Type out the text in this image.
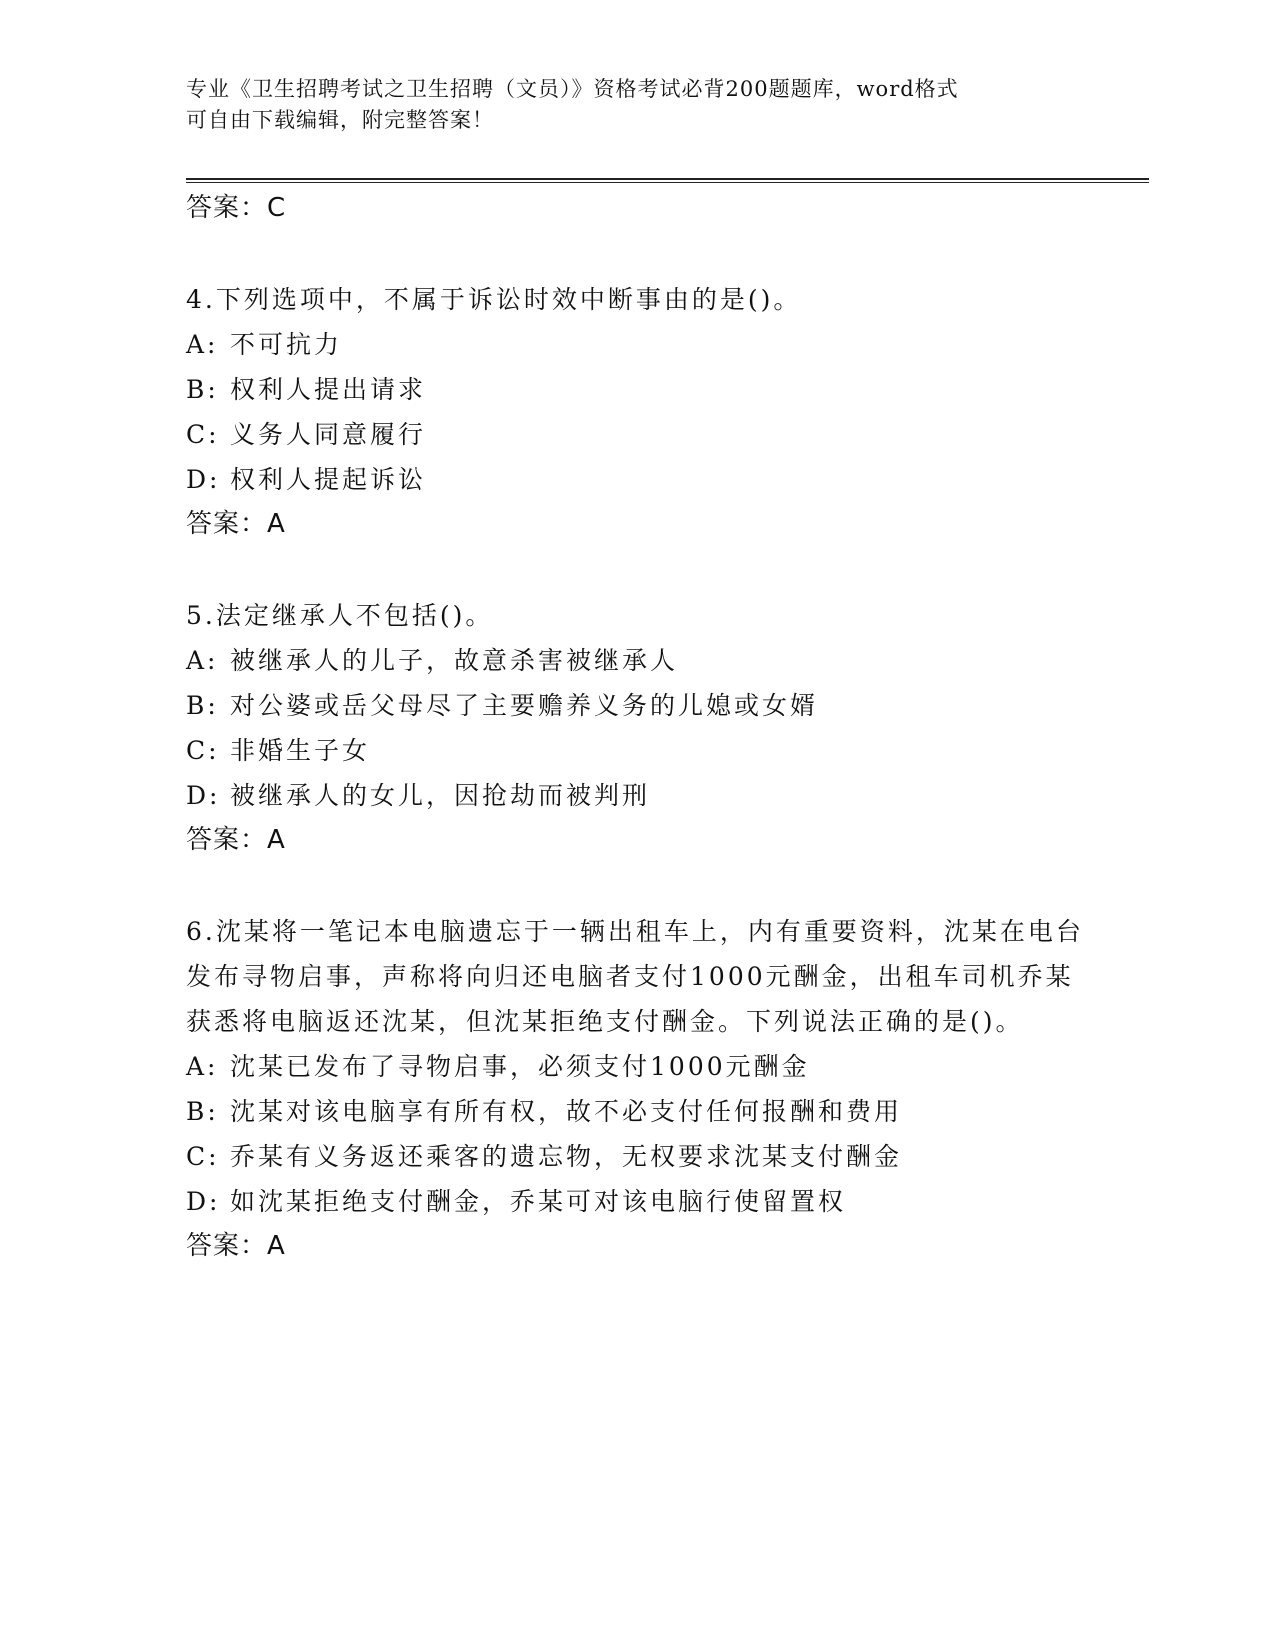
专业《卫生招聘考试之卫生招聘（文员）》资格考试必背200题题库，word格式
可自由下载编辑，附完整答案！
答案：C
4.下列选项中，不属于诉讼时效中断事由的是()。
A: 不可抗力
B: 权利人提出请求
C: 义务人同意履行
D: 权利人提起诉讼
答案：A
5.法定继承人不包括()。
A: 被继承人的儿子，故意杀害被继承人
B: 对公婆或岳父母尽了主要赡养义务的儿媳或女婿
C: 非婚生子女
D: 被继承人的女儿，因抢劫而被判刑
答案：A
6.沈某将一笔记本电脑遗忘于一辆出租车上，内有重要资料，沈某在电台发布寻物启事，声称将向归还电脑者支付1000元酬金，出租车司机乔某获悉将电脑返还沈某，但沈某拒绝支付酬金。下列说法正确的是()。
A: 沈某已发布了寻物启事，必须支付1000元酬金
B: 沈某对该电脑享有所有权，故不必支付任何报酬和费用
C: 乔某有义务返还乘客的遗忘物，无权要求沈某支付酬金
D: 如沈某拒绝支付酬金，乔某可对该电脑行使留置权
答案：A
